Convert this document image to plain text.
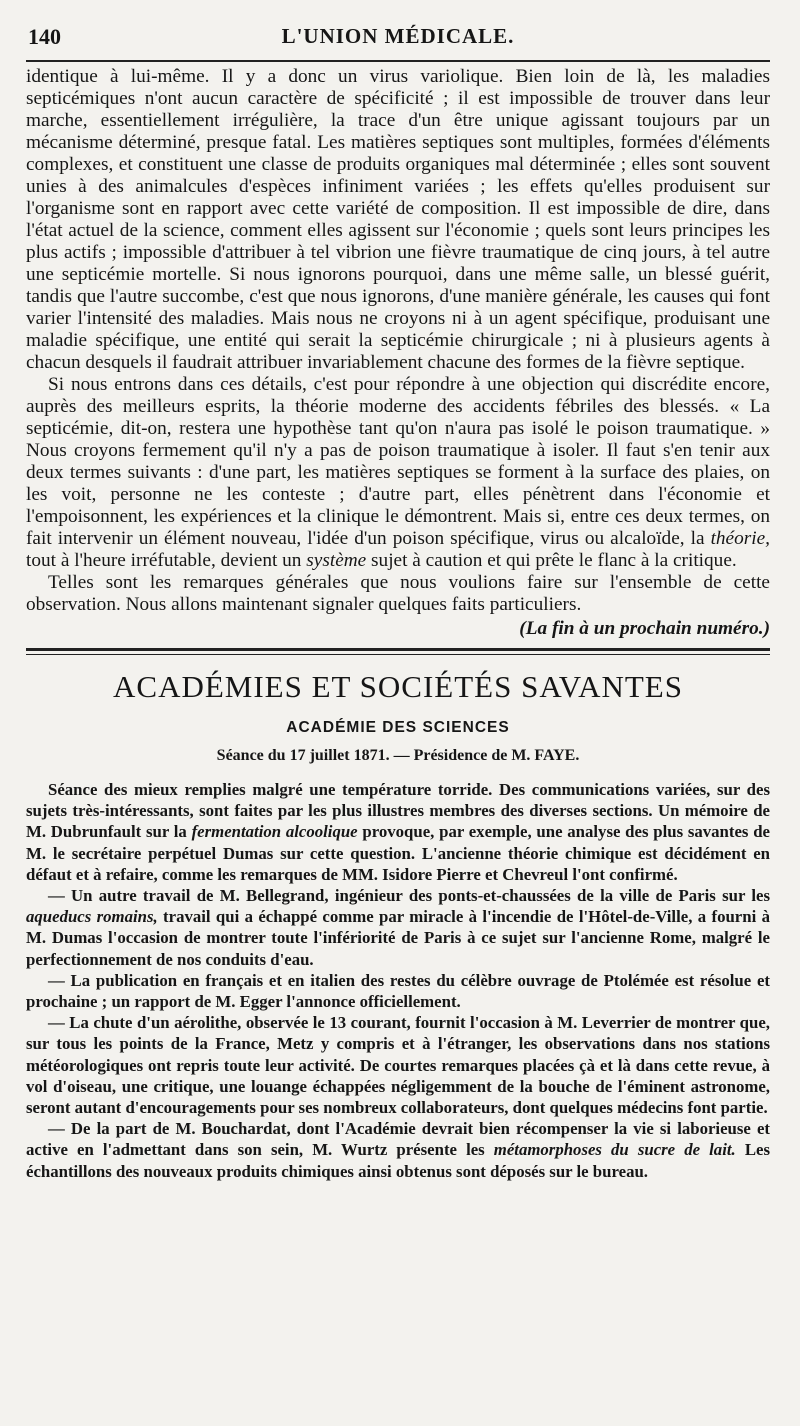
140	L'UNION MÉDICALE.

identique à lui-même. Il y a donc un virus variolique. Bien loin de là, les maladies septicémiques n'ont aucun caractère de spécificité ; il est impossible de trouver dans leur marche, essentiellement irrégulière, la trace d'un être unique agissant toujours par un mécanisme déterminé, presque fatal. Les matières septiques sont multiples, formées d'éléments complexes, et constituent une classe de produits organiques mal déterminée ; elles sont souvent unies à des animalcules d'espèces infiniment variées ; les effets qu'elles produisent sur l'organisme sont en rapport avec cette variété de composition. Il est impossible de dire, dans l'état actuel de la science, comment elles agissent sur l'économie ; quels sont leurs principes les plus actifs ; impossible d'attribuer à tel vibrion une fièvre traumatique de cinq jours, à tel autre une septicémie mortelle. Si nous ignorons pourquoi, dans une même salle, un blessé guérit, tandis que l'autre succombe, c'est que nous ignorons, d'une manière générale, les causes qui font varier l'intensité des maladies. Mais nous ne croyons ni à un agent spécifique, produisant une maladie spécifique, une entité qui serait la septicémie chirurgicale ; ni à plusieurs agents à chacun desquels il faudrait attribuer invariablement chacune des formes de la fièvre septique.

Si nous entrons dans ces détails, c'est pour répondre à une objection qui discrédite encore, auprès des meilleurs esprits, la théorie moderne des accidents fébriles des blessés. « La septicémie, dit-on, restera une hypothèse tant qu'on n'aura pas isolé le poison traumatique. » Nous croyons fermement qu'il n'y a pas de poison traumatique à isoler. Il faut s'en tenir aux deux termes suivants : d'une part, les matières septiques se forment à la surface des plaies, on les voit, personne ne les conteste ; d'autre part, elles pénètrent dans l'économie et l'empoisonnent, les expériences et la clinique le démontrent. Mais si, entre ces deux termes, on fait intervenir un élément nouveau, l'idée d'un poison spécifique, virus ou alcaloïde, la théorie, tout à l'heure irréfutable, devient un système sujet à caution et qui prête le flanc à la critique.

Telles sont les remarques générales que nous voulions faire sur l'ensemble de cette observation. Nous allons maintenant signaler quelques faits particuliers.

(La fin à un prochain numéro.)

ACADÉMIES ET SOCIÉTÉS SAVANTES
ACADÉMIE DES SCIENCES
Séance du 17 juillet 1871. — Présidence de M. FAYE.

Séance des mieux remplies malgré une température torride. Des communications variées, sur des sujets très-intéressants, sont faites par les plus illustres membres des diverses sections. Un mémoire de M. Dubrunfault sur la fermentation alcoolique provoque, par exemple, une analyse des plus savantes de M. le secrétaire perpétuel Dumas sur cette question. L'ancienne théorie chimique est décidément en défaut et à refaire, comme les remarques de MM. Isidore Pierre et Chevreul l'ont confirmé.

— Un autre travail de M. Bellegrand, ingénieur des ponts-et-chaussées de la ville de Paris sur les aqueducs romains, travail qui a échappé comme par miracle à l'incendie de l'Hôtel-de-Ville, a fourni à M. Dumas l'occasion de montrer toute l'infériorité de Paris à ce sujet sur l'ancienne Rome, malgré le perfectionnement de nos conduits d'eau.

— La publication en français et en italien des restes du célèbre ouvrage de Ptolémée est résolue et prochaine ; un rapport de M. Egger l'annonce officiellement.

— La chute d'un aérolithe, observée le 13 courant, fournit l'occasion à M. Leverrier de montrer que, sur tous les points de la France, Metz y compris et à l'étranger, les observations dans nos stations météorologiques ont repris toute leur activité. De courtes remarques placées çà et là dans cette revue, à vol d'oiseau, une critique, une louange échappées négligemment de la bouche de l'éminent astronome, seront autant d'encouragements pour ses nombreux collaborateurs, dont quelques médecins font partie.

— De la part de M. Bouchardat, dont l'Académie devrait bien récompenser la vie si laborieuse et active en l'admettant dans son sein, M. Wurtz présente les métamorphoses du sucre de lait. Les échantillons des nouveaux produits chimiques ainsi obtenus sont déposés sur le bureau.
